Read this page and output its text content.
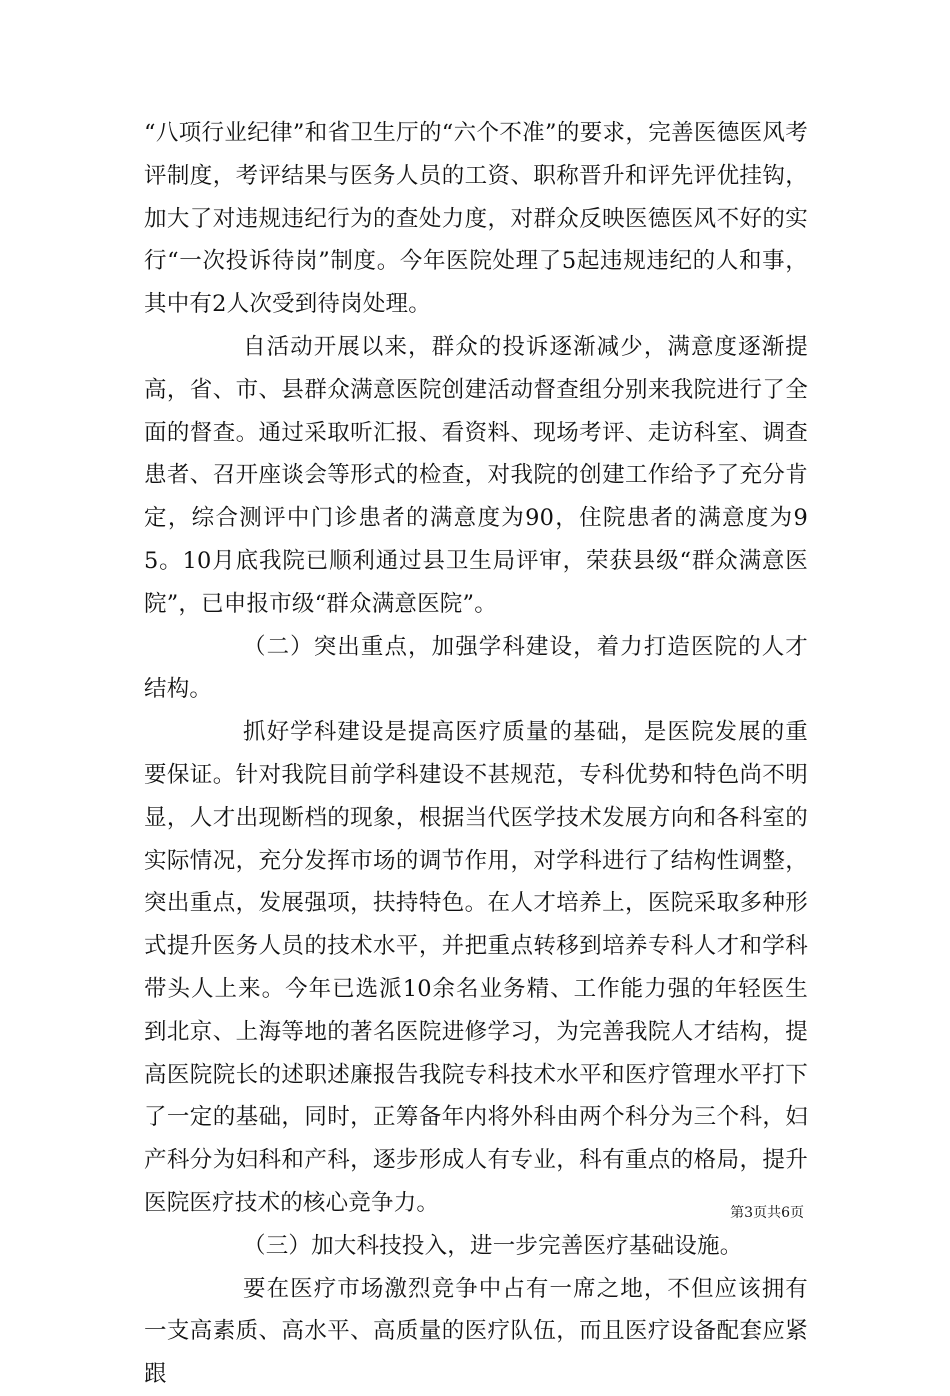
“八项行业纪律”和省卫生厅的“六个不准”的要求，完善医德医风考评制度，考评结果与医务人员的工资、职称晋升和评先评优挂钩，加大了对违规违纪行为的查处力度，对群众反映医德医风不好的实行“一次投诉待岗”制度。今年医院处理了5起违规违纪的人和事，其中有2人次受到待岗处理。

自活动开展以来，群众的投诉逐渐减少，满意度逐渐提高，省、市、县群众满意医院创建活动督查组分别来我院进行了全面的督查。通过采取听汇报、看资料、现场考评、走访科室、调查患者、召开座谈会等形式的检查，对我院的创建工作给予了充分肯定，综合测评中门诊患者的满意度为90，住院患者的满意度为95。10月底我院已顺利通过县卫生局评审，荣获县级“群众满意医院”，已申报市级“群众满意医院”。

（二）突出重点，加强学科建设，着力打造医院的人才结构。

抓好学科建设是提高医疗质量的基础，是医院发展的重要保证。针对我院目前学科建设不甚规范，专科优势和特色尚不明显，人才出现断档的现象，根据当代医学技术发展方向和各科室的实际情况，充分发挥市场的调节作用，对学科进行了结构性调整，突出重点，发展强项，扶持特色。在人才培养上，医院采取多种形式提升医务人员的技术水平，并把重点转移到培养专科人才和学科带头人上来。今年已选派10余名业务精、工作能力强的年轻医生到北京、上海等地的著名医院进修学习，为完善我院人才结构，提高医院院长的述职述廉报告我院专科技术水平和医疗管理水平打下了一定的基础，同时，正筹备年内将外科由两个科分为三个科，妇产科分为妇科和产科，逐步形成人有专业，科有重点的格局，提升医院医疗技术的核心竞争力。

（三）加大科技投入，进一步完善医疗基础设施。

要在医疗市场激烈竞争中占有一席之地，不但应该拥有一支高素质、高水平、高质量的医疗队伍，而且医疗设备配套应紧跟

第3页共6页
